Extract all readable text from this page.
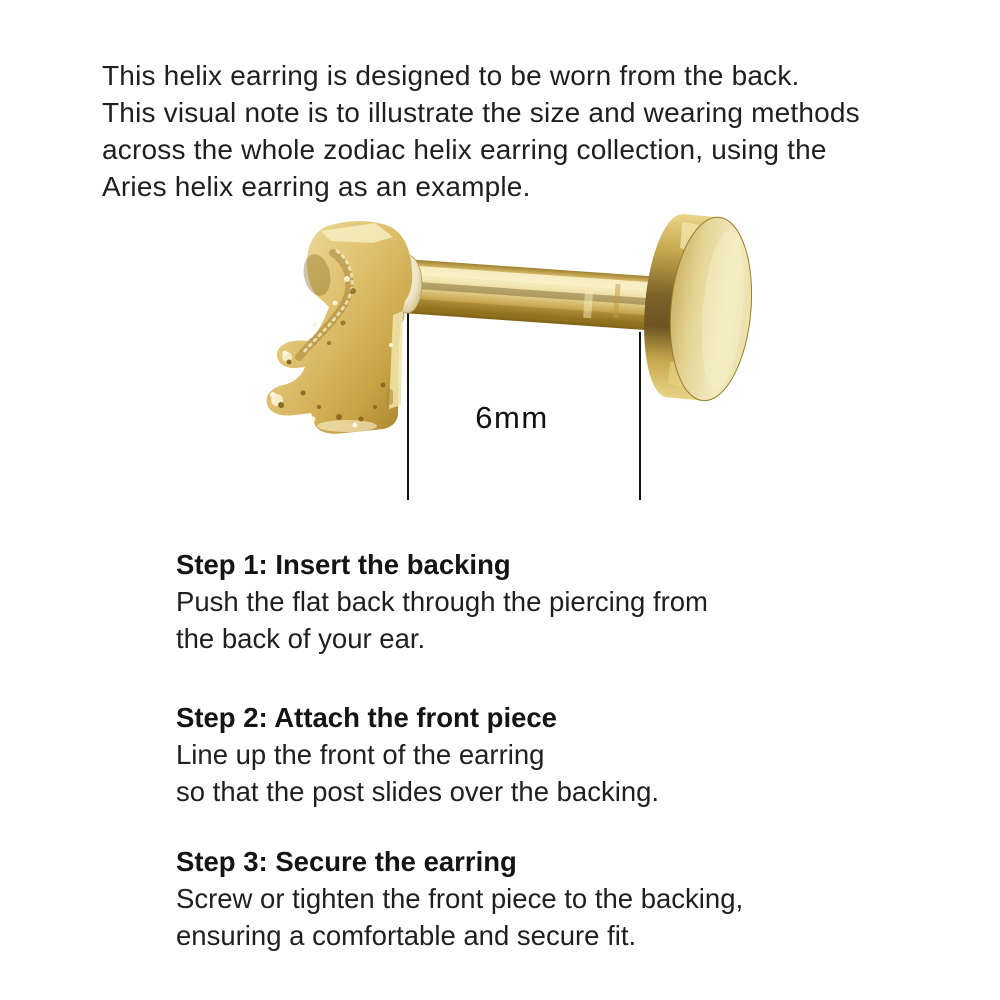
This helix earring is designed to be worn from the back.
This visual note is to illustrate the size and wearing methods
across the whole zodiac helix earring collection, using the
Aries helix earring as an example.
6mm
Step 1: Insert the backing
Push the flat back through the piercing from
the back of your ear.
Step 2: Attach the front piece
Line up the front of the earring
so that the post slides over the backing.
Step 3: Secure the earring
Screw or tighten the front piece to the backing,
ensuring a comfortable and secure fit.
